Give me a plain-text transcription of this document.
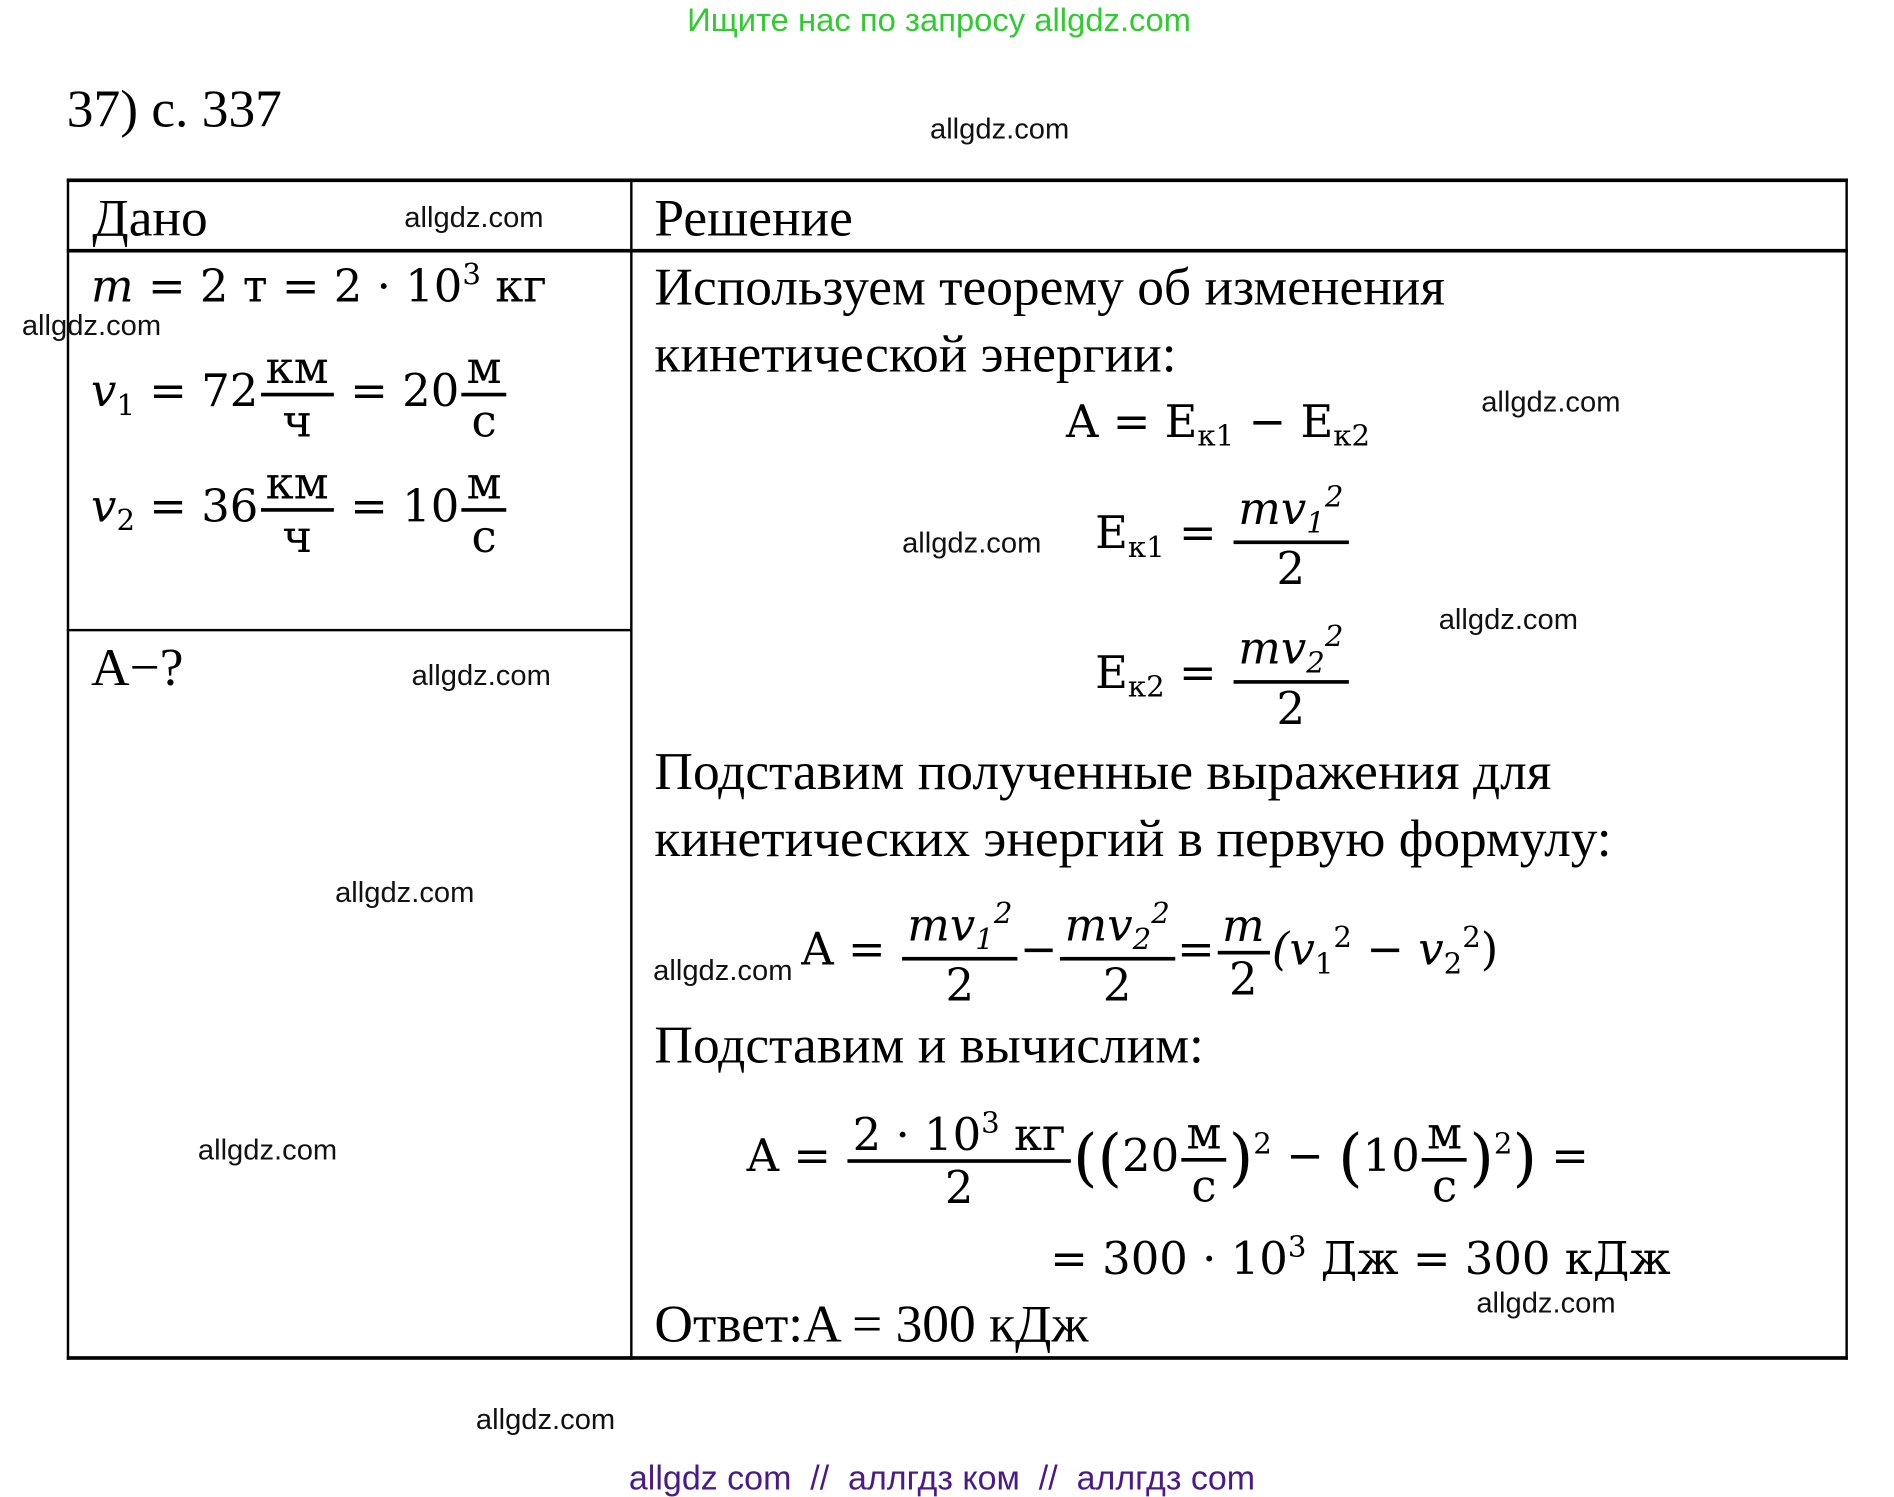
Ищите нас по запросу allgdz.com
37) с. 337
Дано
m = 2 $т = 2 \cdot 10^3$ кг
$v_1 = 72 \frac{км}{ч} = 20 \frac{м}{с}$
$v_2 = 36 \frac{км}{ч} = 10 \frac{м}{с}$
A−?
Решение
Используем теорему об изменения
кинетической энергии:
$A = E_{к1} - E_{к2}$
$E_{к1} = \frac{mv_1^2}{2}$
$E_{к2} = \frac{mv_2^2}{2}$
Подставим полученные выражения для
кинетических энергий в первую формулу:
$A = \frac{mv_1^2}{2} - \frac{mv_2^2}{2} = \frac{m}{2} (v_1^2 - v_2^2)$
Подставим и вычислим:
$A = \frac{2 \cdot 10^3 кг}{2} ((20 \frac{м}{с} )^2 - (10 \frac{м}{с} )^2)$ =
= $300 \cdot 10^3$ Дж = 300 кДж
Ответ:A = 300 кДж
allgdz.com
allgdz.com
allgdz.com
allgdz.com
allgdz.com
allgdz.com
allgdz.com
allgdz.com
allgdz.com
allgdz.com
allgdz.com
allgdz.com
allgdz com  //  аллгдз ком  //  аллгдз com
